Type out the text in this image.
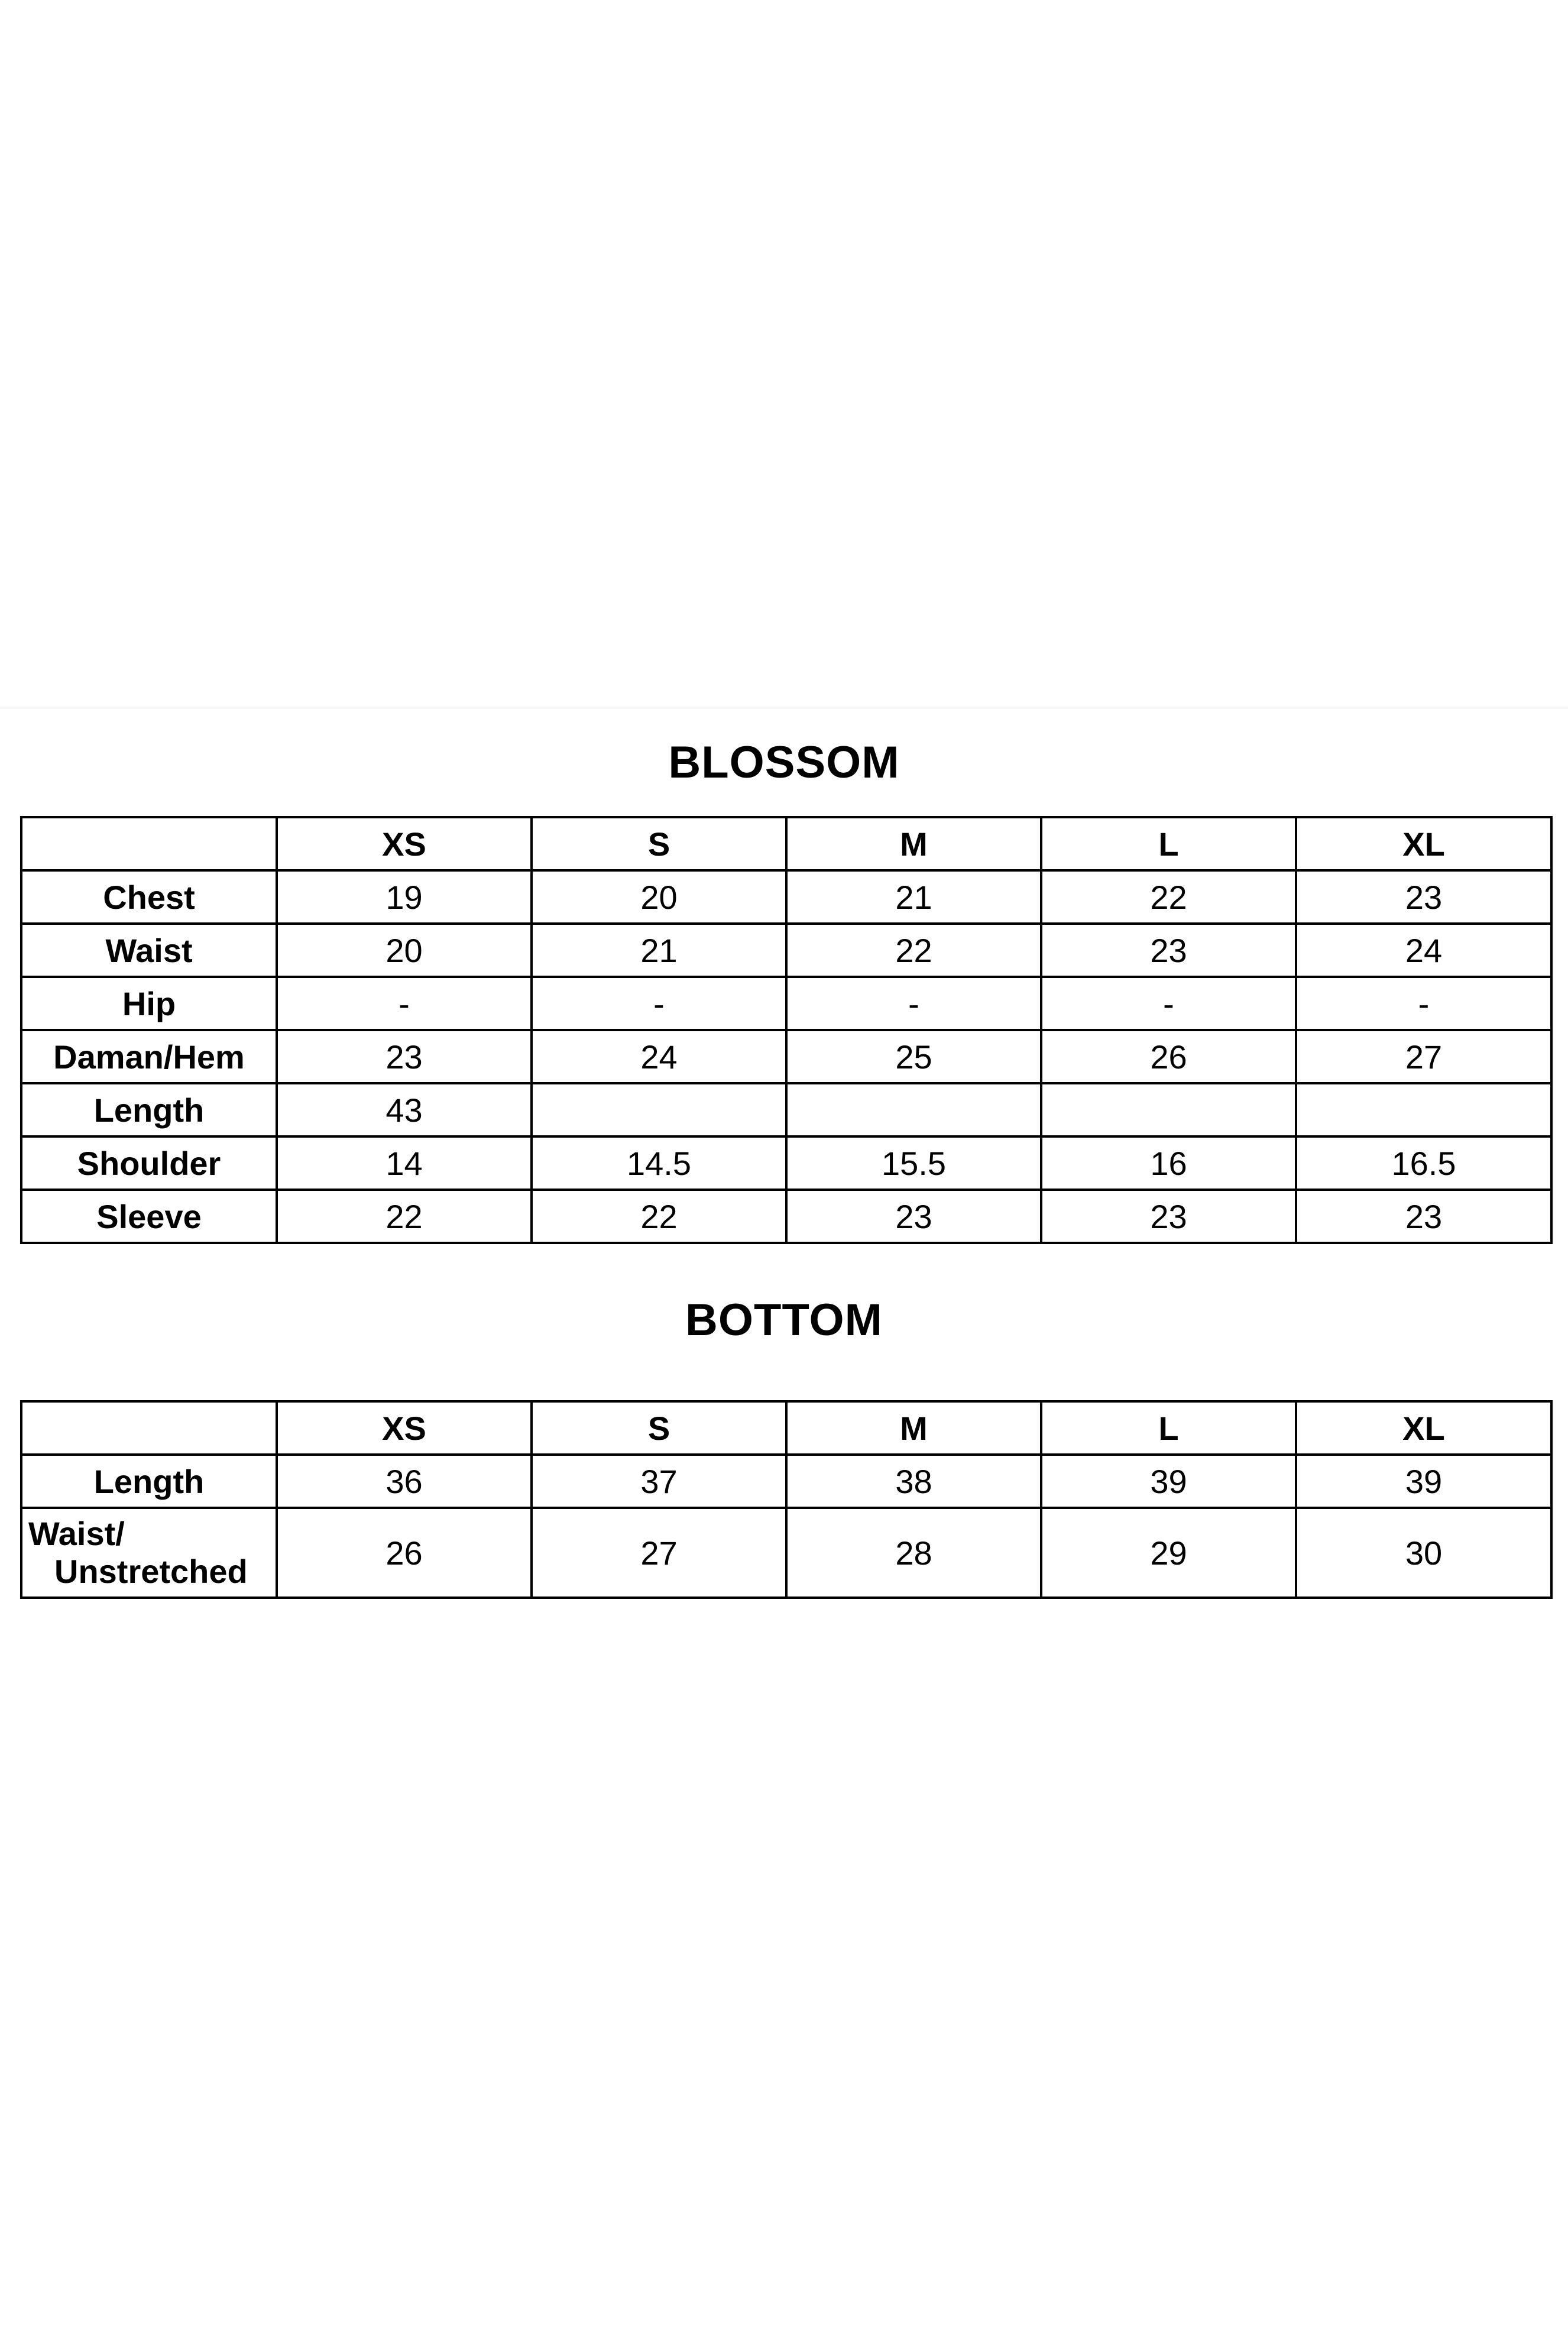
BLOSSOM
	XS	S	M	L	XL
Chest	19	20	21	22	23
Waist	20	21	22	23	24
Hip	-	-	-	-	-
Daman/Hem	23	24	25	26	27
Length	43				
Shoulder	14	14.5	15.5	16	16.5
Sleeve	22	22	23	23	23
BOTTOM
	XS	S	M	L	XL
Length	36	37	38	39	39

Waist/
Unstretched	26	27	28	29	30
